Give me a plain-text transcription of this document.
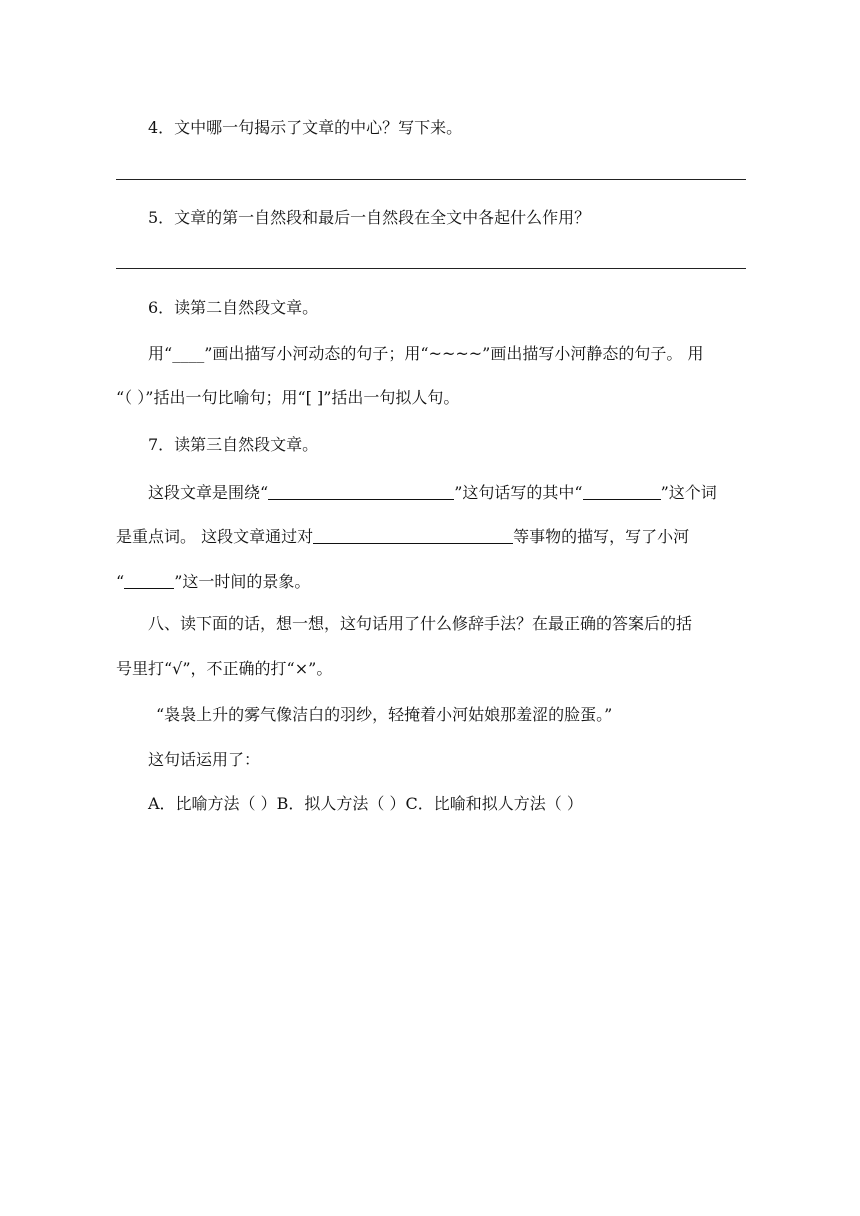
4．文中哪一句揭示了文章的中心？写下来。
5．文章的第一自然段和最后一自然段在全文中各起什么作用？
6．读第二自然段文章。
用“____”画出描写小河动态的句子；用“~~~~”画出描写小河静态的句子。 用
“（ ）”括出一句比喻句；用“[ ]”括出一句拟人句。
7．读第三自然段文章。
这段文章是围绕“	”这句话写的其中“	”这个词
是重点词。 这段文章通过对	等事物的描写，写了小河
“	”这一时间的景象。
八、读下面的话，想一想，这句话用了什么修辞手法？在最正确的答案后的括
号里打“√”，不正确的打“×”。
“袅袅上升的雾气像洁白的羽纱，轻掩着小河姑娘那羞涩的脸蛋。”
这句话运用了：
A．比喻方法（ ）B．拟人方法（ ）C．比喻和拟人方法（ ）
